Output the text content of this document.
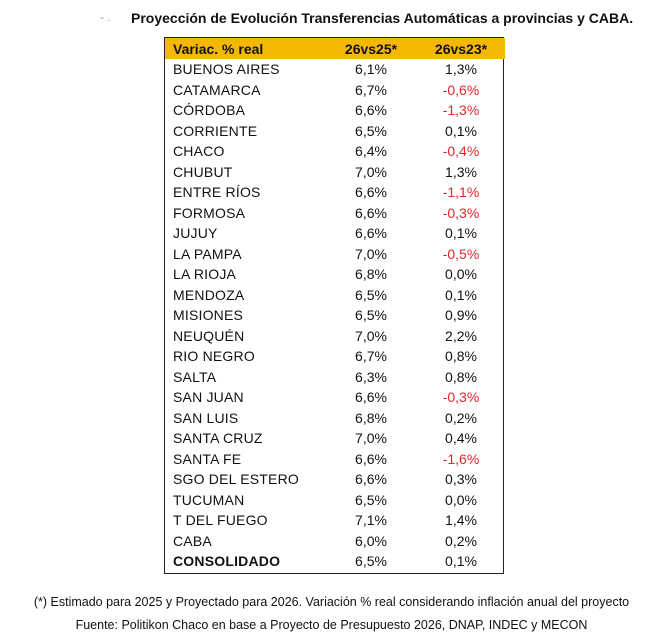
- . Proyección de Evolución Transferencias Automáticas a provincias y CABA.
Variac. % real	26vs25*	26vs23*
BUENOS AIRES	6,1%	1,3%
CATAMARCA	6,7%	-0,6%
CÓRDOBA	6,6%	-1,3%
CORRIENTE	6,5%	0,1%
CHACO	6,4%	-0,4%
CHUBUT	7,0%	1,3%
ENTRE RÍOS	6,6%	-1,1%
FORMOSA	6,6%	-0,3%
JUJUY	6,6%	0,1%
LA PAMPA	7,0%	-0,5%
LA RIOJA	6,8%	0,0%
MENDOZA	6,5%	0,1%
MISIONES	6,5%	0,9%
NEUQUÉN	7,0%	2,2%
RIO NEGRO	6,7%	0,8%
SALTA	6,3%	0,8%
SAN JUAN	6,6%	-0,3%
SAN LUIS	6,8%	0,2%
SANTA CRUZ	7,0%	0,4%
SANTA FE	6,6%	-1,6%
SGO DEL ESTERO	6,6%	0,3%
TUCUMAN	6,5%	0,0%
T DEL FUEGO	7,1%	1,4%
CABA	6,0%	0,2%
CONSOLIDADO	6,5%	0,1%
(*) Estimado para 2025 y Proyectado para 2026. Variación % real considerando inflación anual del proyecto
Fuente: Politikon Chaco en base a Proyecto de Presupuesto 2026, DNAP, INDEC y MECON
